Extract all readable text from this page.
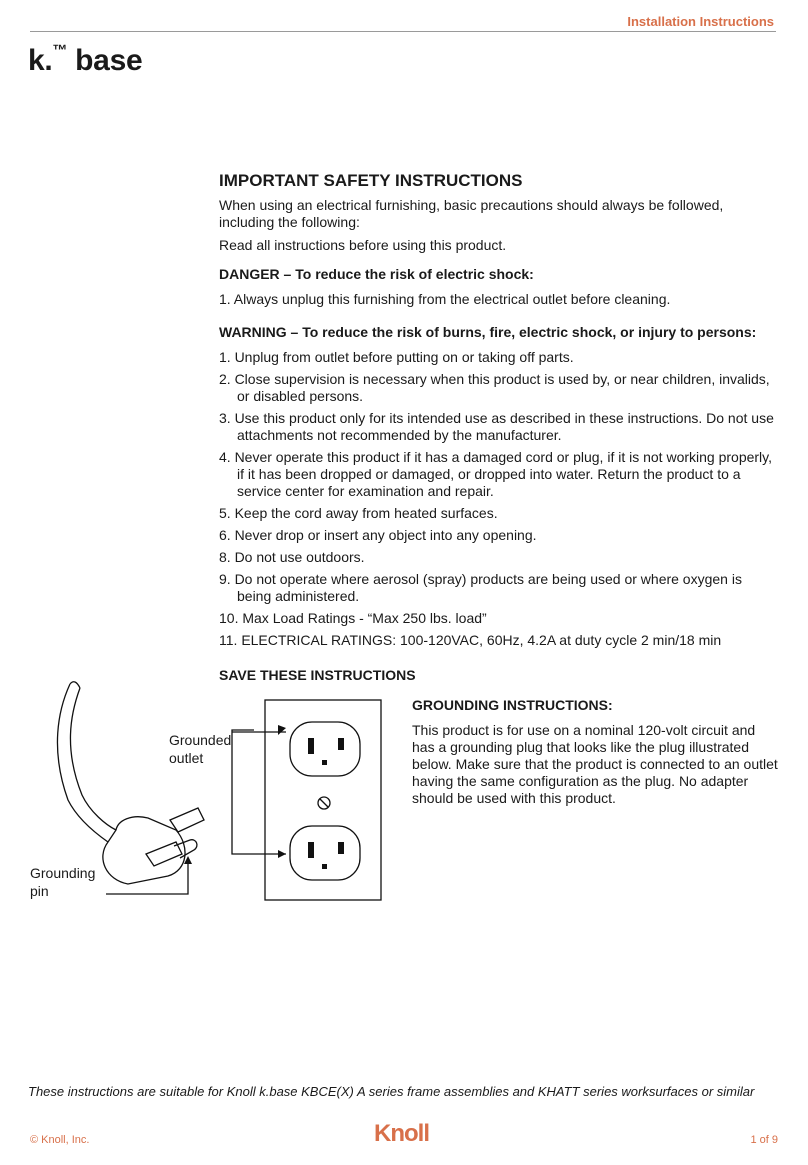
Installation Instructions
k.™ base
IMPORTANT SAFETY INSTRUCTIONS

When using an electrical furnishing, basic precautions should always be followed, including the following:

Read all instructions before using this product.

DANGER – To reduce the risk of electric shock:

1. Always unplug this furnishing from the electrical outlet before cleaning.

WARNING – To reduce the risk of burns, fire, electric shock, or injury to persons:
1. Unplug from outlet before putting on or taking off parts.
2. Close supervision is necessary when this product is used by, or near children, invalids, or disabled persons.
3. Use this product only for its intended use as described in these instructions. Do not use attachments not recommended by the manufacturer.
4. Never operate this product if it has a damaged cord or plug, if it is not working properly, if it has been dropped or damaged, or dropped into water. Return the product to a service center for examination and repair.
5. Keep the cord away from heated surfaces.
6. Never drop or insert any object into any opening.
8. Do not use outdoors.
9. Do not operate where aerosol (spray) products are being used or where oxygen is being administered.
10. Max Load Ratings - “Max 250 lbs. load”
11. ELECTRICAL RATINGS: 100-120VAC, 60Hz, 4.2A at duty cycle 2 min/18 min
SAVE THESE INSTRUCTIONS
GROUNDING INSTRUCTIONS:

This product is for use on a nominal 120-volt circuit and has a grounding plug that looks like the plug illustrated below. Make sure that the product is connected to an outlet having the same configuration as the plug. No adapter should be used with this product.

Grounded
outlet
Grounding
pin
These instructions are suitable for Knoll k.base KBCE(X) A series frame assemblies and KHATT series worksurfaces or similar
© Knoll, Inc.	Knoll	1 of 9
